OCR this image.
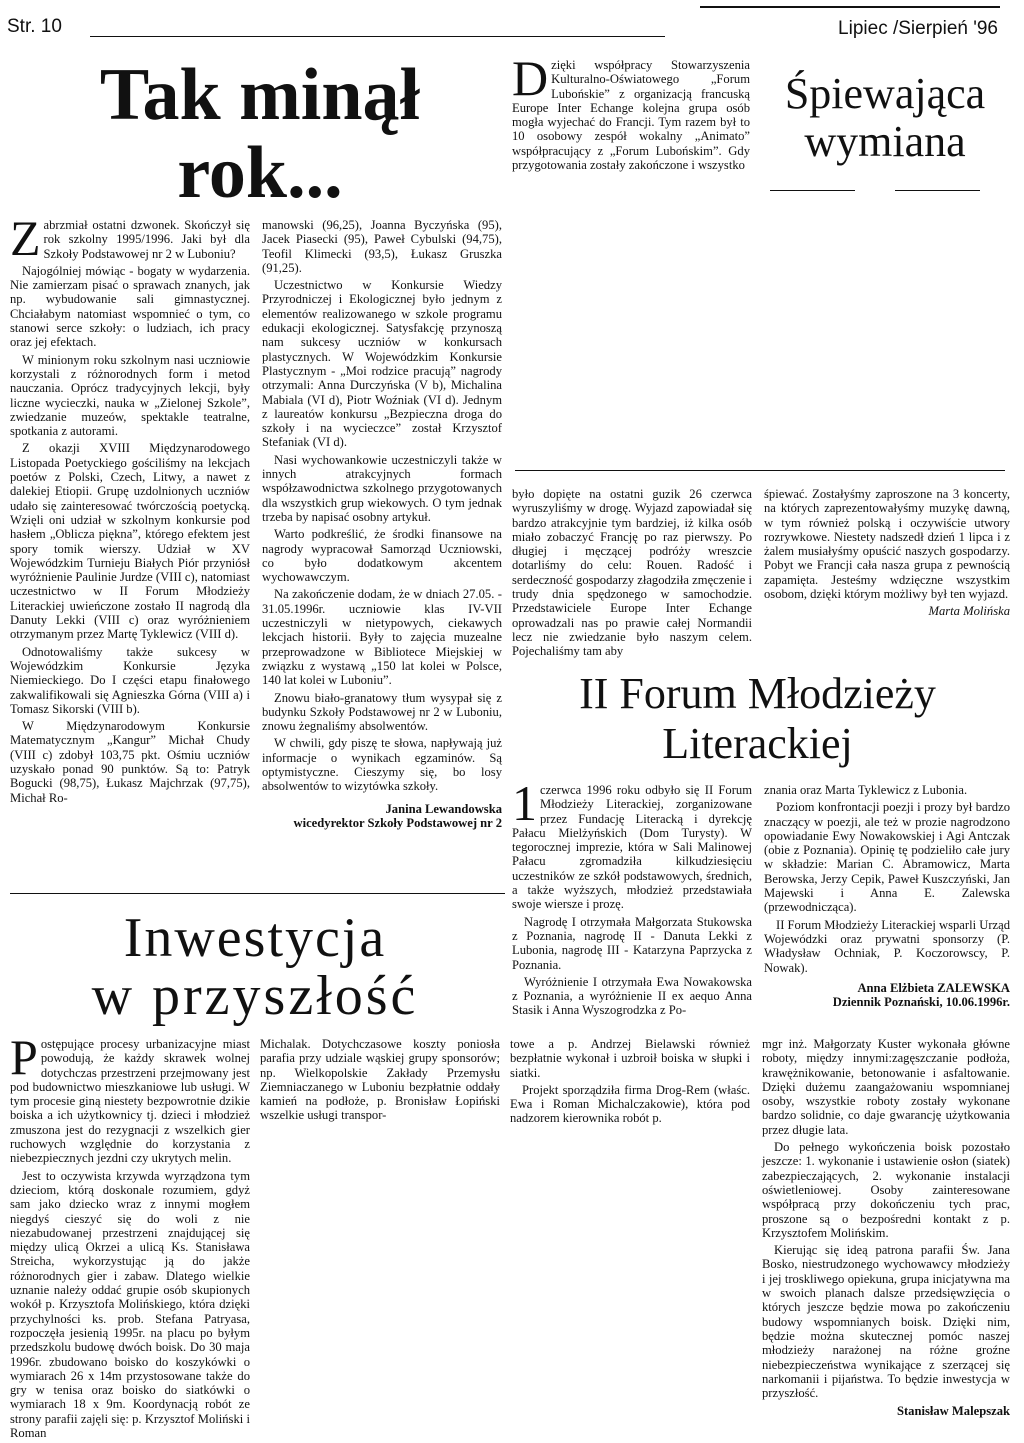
Str. 10	Lipiec /Sierpień '96
Tak minął
rok...

Zabrzmiał ostatni dzwonek. Skończył się rok szkolny 1995/1996. Jaki był dla Szkoły Podstawowej nr 2 w Luboniu?

Najogólniej mówiąc - bogaty w wydarzenia. Nie zamierzam pisać o sprawach znanych, jak np. wybudowanie sali gimnastycznej. Chciałabym natomiast wspomnieć o tym, co stanowi serce szkoły: o ludziach, ich pracy oraz jej efektach.

W minionym roku szkolnym nasi uczniowie korzystali z różnorodnych form i metod nauczania. Oprócz tradycyjnych lekcji, były liczne wycieczki, nauka w „Zielonej Szkole”, zwiedzanie muzeów, spektakle teatralne, spotkania z autorami.

Z okazji XVIII Międzynarodowego Listopada Poetyckiego gościliśmy na lekcjach poetów z Polski, Czech, Litwy, a nawet z dalekiej Etiopii. Grupę uzdolnionych uczniów udało się zainteresować twórczością poetycką. Wzięli oni udział w szkolnym konkursie pod hasłem „Oblicza piękna”, którego efektem jest spory tomik wierszy. Udział w XV Wojewódzkim Turnieju Białych Piór przyniósł wyróżnienie Paulinie Jurdze (VIII c), natomiast uczestnictwo w II Forum Młodzieży Literackiej uwieńczone zostało II nagrodą dla Danuty Lekki (VIII c) oraz wyróżnieniem otrzymanym przez Martę Tyklewicz (VIII d).

Odnotowaliśmy także sukcesy w Wojewódzkim Konkursie Języka Niemieckiego. Do I części etapu finałowego zakwalifikowali się Agnieszka Górna (VIII a) i Tomasz Sikorski (VIII b).

W Międzynarodowym Konkursie Matematycznym „Kangur” Michał Chudy (VIII c) zdobył 103,75 pkt. Ośmiu uczniów uzyskało ponad 90 punktów. Są to: Patryk Bogucki (98,75), Łukasz Majchrzak (97,75), Michał Ro-

manowski (96,25), Joanna Byczyńska (95), Jacek Piasecki (95), Paweł Cybulski (94,75), Teofil Klimecki (93,5), Łukasz Gruszka (91,25).

Uczestnictwo w Konkursie Wiedzy Przyrodniczej i Ekologicznej było jednym z elementów realizowanego w szkole programu edukacji ekologicznej. Satysfakcję przynoszą nam sukcesy uczniów w konkursach plastycznych. W Wojewódzkim Konkursie Plastycznym - „Moi rodzice pracują” nagrody otrzymali: Anna Durczyńska (V b), Michalina Mabiala (VI d), Piotr Woźniak (VI d). Jednym z laureatów konkursu „Bezpieczna droga do szkoły i na wycieczce” został Krzysztof Stefaniak (VI d).

Nasi wychowankowie uczestniczyli także w innych atrakcyjnych formach współzawodnictwa szkolnego przygotowanych dla wszystkich grup wiekowych. O tym jednak trzeba by napisać osobny artykuł.

Warto podkreślić, że środki finansowe na nagrody wypracował Samorząd Uczniowski, co było dodatkowym akcentem wychowawczym.

Na zakończenie dodam, że w dniach 27.05. - 31.05.1996r. uczniowie klas IV-VII uczestniczyli w nietypowych, ciekawych lekcjach historii. Były to zajęcia muzealne przeprowadzone w Bibliotece Miejskiej w związku z wystawą „150 lat kolei w Polsce, 140 lat kolei w Luboniu”.

Znowu biało-granatowy tłum wysypał się z budynku Szkoły Podstawowej nr 2 w Luboniu, znowu żegnaliśmy absolwentów.

W chwili, gdy piszę te słowa, napływają już informacje o wynikach egzaminów. Są optymistyczne. Cieszymy się, bo losy absolwentów to wizytówka szkoły.

Janina Lewandowska
wicedyrektor Szkoły Podstawowej nr 2

Dzięki współpracy Stowarzyszenia Kulturalno-Oświatowego „Forum Lubońskie” z organizacją francuską Europe Inter Echange kolejna grupa osób mogła wyjechać do Francji. Tym razem był to 10 osobowy zespół wokalny „Animato” współpracujący z „Forum Lubońskim”. Gdy przygotowania zostały zakończone i wszystko

Śpiewająca
wymiana

było dopięte na ostatni guzik 26 czerwca wyruszyliśmy w drogę. Wyjazd zapowiadał się bardzo atrakcyjnie tym bardziej, iż kilka osób miało zobaczyć Francję po raz pierwszy. Po długiej i męczącej podróży wreszcie dotarliśmy do celu: Rouen. Radość i serdeczność gospodarzy złagodziła zmęczenie i trudy dnia spędzonego w samochodzie. Przedstawiciele Europe Inter Echange oprowadzali nas po prawie całej Normandii lecz nie zwiedzanie było naszym celem. Pojechaliśmy tam aby

śpiewać. Zostałyśmy zaproszone na 3 koncerty, na których zaprezentowałyśmy muzykę dawną, w tym również polską i oczywiście utwory rozrywkowe. Niestety nadszedł dzień 1 lipca i z żalem musiałyśmy opuścić naszych gospodarzy. Pobyt we Francji cała nasza grupa z pewnością zapamięta. Jesteśmy wdzięczne wszystkim osobom, dzięki którym możliwy był ten wyjazd.

Marta Molińska
II Forum Młodzieży
Literackiej

1 czerwca 1996 roku odbyło się II Forum Młodzieży Literackiej, zorganizowane przez Fundację Literacką i dyrekcję Pałacu Mielżyńskich (Dom Turysty). W tegorocznej imprezie, która w Sali Malinowej Pałacu zgromadziła kilkudziesięciu uczestników ze szkół podstawowych, średnich, a także wyższych, młodzież przedstawiała swoje wiersze i prozę.

Nagrodę I otrzymała Małgorzata Stukowska z Poznania, nagrodę II - Danuta Lekki z Lubonia, nagrodę III - Katarzyna Paprzycka z Poznania.

Wyróżnienie I otrzymała Ewa Nowakowska z Poznania, a wyróżnienie II ex aequo Anna Stasik i Anna Wyszogrodzka z Po-

znania oraz Marta Tyklewicz z Lubonia.

Poziom konfrontacji poezji i prozy był bardzo znaczący w poezji, ale też w prozie nagrodzono opowiadanie Ewy Nowakowskiej i Agi Antczak (obie z Poznania). Opinię tę podzieliło całe jury w składzie: Marian C. Abramowicz, Marta Berowska, Jerzy Cepik, Paweł Kuszczyński, Jan Majewski i Anna E. Zalewska (przewodnicząca).

II Forum Młodzieży Literackiej wsparli Urząd Wojewódzki oraz prywatni sponsorzy (P. Władysław Ochniak, P. Koczorowscy, P. Nowak).

Anna Elżbieta ZALEWSKA
Dziennik Poznański, 10.06.1996r.
Inwestycja
w przyszłość

Postępujące procesy urbanizacyjne miast powodują, że każdy skrawek wolnej dotychczas przestrzeni przejmowany jest pod budownictwo mieszkaniowe lub usługi. W tym procesie giną niestety bezpowrotnie dzikie boiska a ich użytkownicy tj. dzieci i młodzież zmuszona jest do rezygnacji z wszelkich gier ruchowych względnie do korzystania z niebezpiecznych jezdni czy ukrytych melin.

Jest to oczywista krzywda wyrządzona tym dzieciom, którą doskonale rozumiem, gdyż sam jako dziecko wraz z innymi mogłem niegdyś cieszyć się do woli z nie niezabudowanej przestrzeni znajdującej się między ulicą Okrzei a ulicą Ks. Stanisława Streicha, wykorzystując ją do jakże różnorodnych gier i zabaw. Dlatego wielkie uznanie należy oddać grupie osób skupionych wokół p. Krzysztofa Molińskiego, która dzięki przychylności ks. prob. Stefana Patryasa, rozpoczęła jesienią 1995r. na placu po byłym przedszkolu budowę dwóch boisk. Do 30 maja 1996r. zbudowano boisko do koszykówki o wymiarach 26 x 14m przystosowane także do gry w tenisa oraz boisko do siatkówki o wymiarach 18 x 9m. Koordynacją robót ze strony parafii zajęli się: p. Krzysztof Moliński i Roman

Michalak. Dotychczasowe koszty poniosła parafia przy udziale wąskiej grupy sponsorów; np. Wielkopolskie Zakłady Przemysłu Ziemniaczanego w Luboniu bezpłatnie oddały kamień na podłoże, p. Bronisław Łopiński wszelkie usługi transpor-

towe a p. Andrzej Bielawski również bezpłatnie wykonał i uzbroił boiska w słupki i siatki.

Projekt sporządziła firma Drog-Rem (właśc. Ewa i Roman Michalczakowie), która pod nadzorem kierownika robót p.

mgr inż. Małgorzaty Kuster wykonała główne roboty, między innymi:zagęszczanie podłoża, krawężnikowanie, betonowanie i asfaltowanie. Dzięki dużemu zaangażowaniu wspomnianej osoby, wszystkie roboty zostały wykonane bardzo solidnie, co daje gwarancję użytkowania przez długie lata.

Do pełnego wykończenia boisk pozostało jeszcze: 1. wykonanie i ustawienie osłon (siatek) zabezpieczających, 2. wykonanie instalacji oświetleniowej. Osoby zainteresowane współpracą przy dokończeniu tych prac, proszone są o bezpośredni kontakt z p. Krzysztofem Molińskim.

Kierując się ideą patrona parafii Św. Jana Bosko, niestrudzonego wychowawcy młodzieży i jej troskliwego opiekuna, grupa inicjatywna ma w swoich planach dalsze przedsięwzięcia o których jeszcze będzie mowa po zakończeniu budowy wspomnianych boisk. Dzięki nim, będzie można skutecznej pomóc naszej młodzieży narażonej na różne groźne niebezpieczeństwa wynikające z szerzącej się narkomanii i pijaństwa. To będzie inwestycja w przyszłość.

Stanisław Malepszak
